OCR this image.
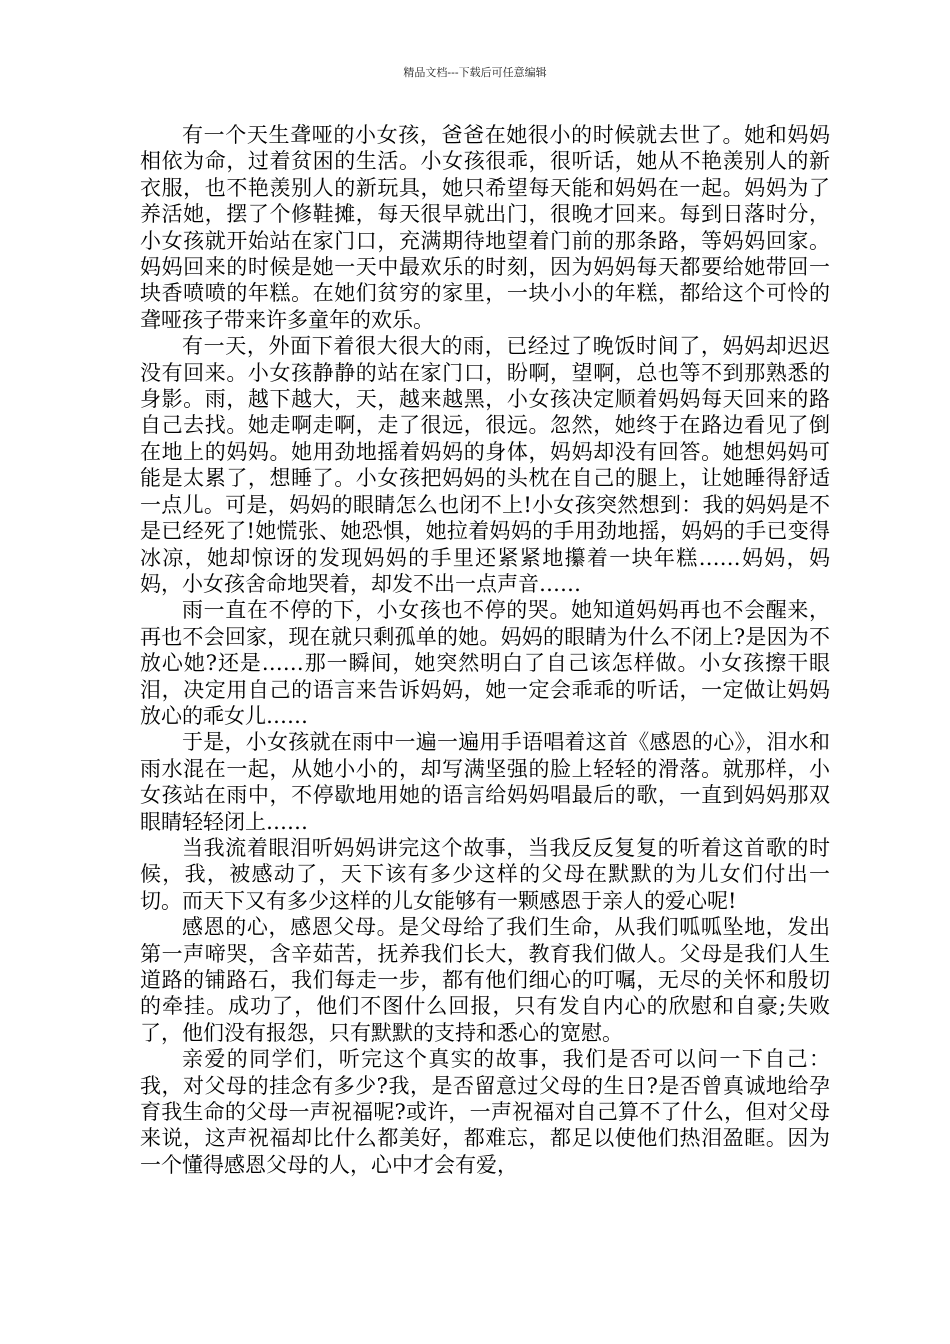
精品文档---下载后可任意编辑

有一个天生聋哑的小女孩，爸爸在她很小的时候就去世了。她和妈妈相依为命，过着贫困的生活。小女孩很乖，很听话，她从不艳羡别人的新衣服，也不艳羡别人的新玩具，她只希望每天能和妈妈在一起。妈妈为了养活她，摆了个修鞋摊，每天很早就出门，很晚才回来。每到日落时分，小女孩就开始站在家门口，充满期待地望着门前的那条路，等妈妈回家。妈妈回来的时候是她一天中最欢乐的时刻，因为妈妈每天都要给她带回一块香喷喷的年糕。在她们贫穷的家里，一块小小的年糕，都给这个可怜的聋哑孩子带来许多童年的欢乐。

有一天，外面下着很大很大的雨，已经过了晚饭时间了，妈妈却迟迟没有回来。小女孩静静的站在家门口，盼啊，望啊，总也等不到那熟悉的身影。雨，越下越大，天，越来越黑，小女孩决定顺着妈妈每天回来的路自己去找。她走啊走啊，走了很远，很远。忽然，她终于在路边看见了倒在地上的妈妈。她用劲地摇着妈妈的身体，妈妈却没有回答。她想妈妈可能是太累了，想睡了。小女孩把妈妈的头枕在自己的腿上，让她睡得舒适一点儿。可是，妈妈的眼睛怎么也闭不上!小女孩突然想到：我的妈妈是不是已经死了!她慌张、她恐惧，她拉着妈妈的手用劲地摇，妈妈的手已变得冰凉，她却惊讶的发现妈妈的手里还紧紧地攥着一块年糕……妈妈，妈妈，小女孩舍命地哭着，却发不出一点声音……

雨一直在不停的下，小女孩也不停的哭。她知道妈妈再也不会醒来，再也不会回家，现在就只剩孤单的她。妈妈的眼睛为什么不闭上?是因为不放心她?还是……那一瞬间，她突然明白了自己该怎样做。小女孩擦干眼泪，决定用自己的语言来告诉妈妈，她一定会乖乖的听话，一定做让妈妈放心的乖女儿……

于是，小女孩就在雨中一遍一遍用手语唱着这首《感恩的心》，泪水和雨水混在一起，从她小小的，却写满坚强的脸上轻轻的滑落。就那样，小女孩站在雨中，不停歇地用她的语言给妈妈唱最后的歌，一直到妈妈那双眼睛轻轻闭上……

当我流着眼泪听妈妈讲完这个故事，当我反反复复的听着这首歌的时候，我，被感动了，天下该有多少这样的父母在默默的为儿女们付出一切。而天下又有多少这样的儿女能够有一颗感恩于亲人的爱心呢!

感恩的心，感恩父母。是父母给了我们生命，从我们呱呱坠地，发出第一声啼哭，含辛茹苦，抚养我们长大，教育我们做人。父母是我们人生道路的铺路石，我们每走一步，都有他们细心的叮嘱，无尽的关怀和殷切的牵挂。成功了，他们不图什么回报，只有发自内心的欣慰和自豪;失败了，他们没有报怨，只有默默的支持和悉心的宽慰。

亲爱的同学们，听完这个真实的故事，我们是否可以问一下自己：我，对父母的挂念有多少?我，是否留意过父母的生日?是否曾真诚地给孕育我生命的父母一声祝福呢?或许，一声祝福对自己算不了什么，但对父母来说，这声祝福却比什么都美好，都难忘，都足以使他们热泪盈眶。因为一个懂得感恩父母的人，心中才会有爱，
